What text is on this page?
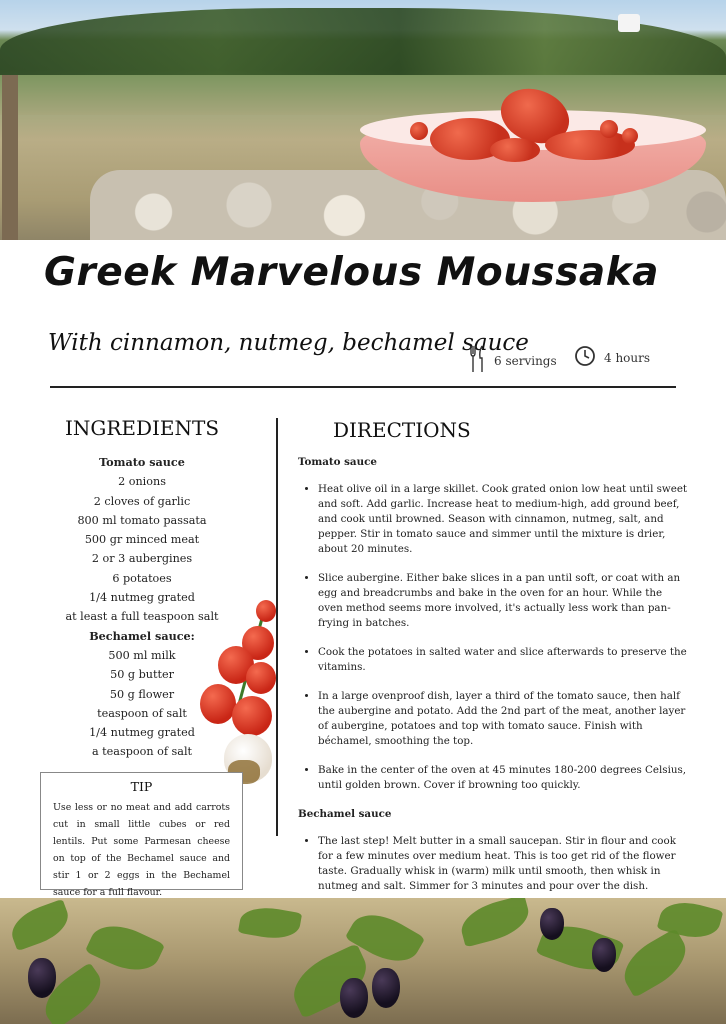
Greek Marvelous Moussaka
With cinnamon, nutmeg, bechamel sauce
6 servings	4 hours
INGREDIENTS
Tomato sauce
2 onions
2 cloves of garlic
800 ml tomato passata
500 gr minced meat
2 or 3 aubergines
6 potatoes
1/4 nutmeg grated
at least a full teaspoon salt
Bechamel sauce:
500 ml milk
50 g butter
50 g flower
teaspoon of salt
1/4 nutmeg grated
a teaspoon of salt
TIP

Use less or no meat and add carrots cut in small little cubes or red lentils. Put some Parmesan cheese on top of the Bechamel sauce and stir 1 or 2 eggs in the Bechamel sauce for a full flavour.

DIRECTIONS
Tomato sauce
• Heat olive oil in a large skillet. Cook grated onion low heat until sweet and soft. Add garlic. Increase heat to medium-high, add ground beef, and cook until browned. Season with cinnamon, nutmeg, salt, and pepper. Stir in tomato sauce and simmer until the mixture is drier, about 20 minutes.
• Slice aubergine. Either bake slices in a pan until soft, or coat with an egg and breadcrumbs and bake in the oven for an hour. While the oven method seems more involved, it's actually less work than pan-frying in batches.
• Cook the potatoes in salted water and slice afterwards to preserve the vitamins.
• In a large ovenproof dish, layer a third of the tomato sauce, then half the aubergine and potato. Add the 2nd part of the meat, another layer of aubergine, potatoes and top with tomato sauce. Finish with béchamel, smoothing the top.
• Bake in the center of the oven at 45 minutes 180-200 degrees Celsius, until golden brown. Cover if browning too quickly.
Bechamel sauce
• The last step! Melt butter in a small saucepan. Stir in flour and cook for a few minutes over medium heat. This is too get rid of the flower taste. Gradually whisk in (warm) milk until smooth, then whisk in nutmeg and salt. Simmer for 3 minutes and pour over the dish.
